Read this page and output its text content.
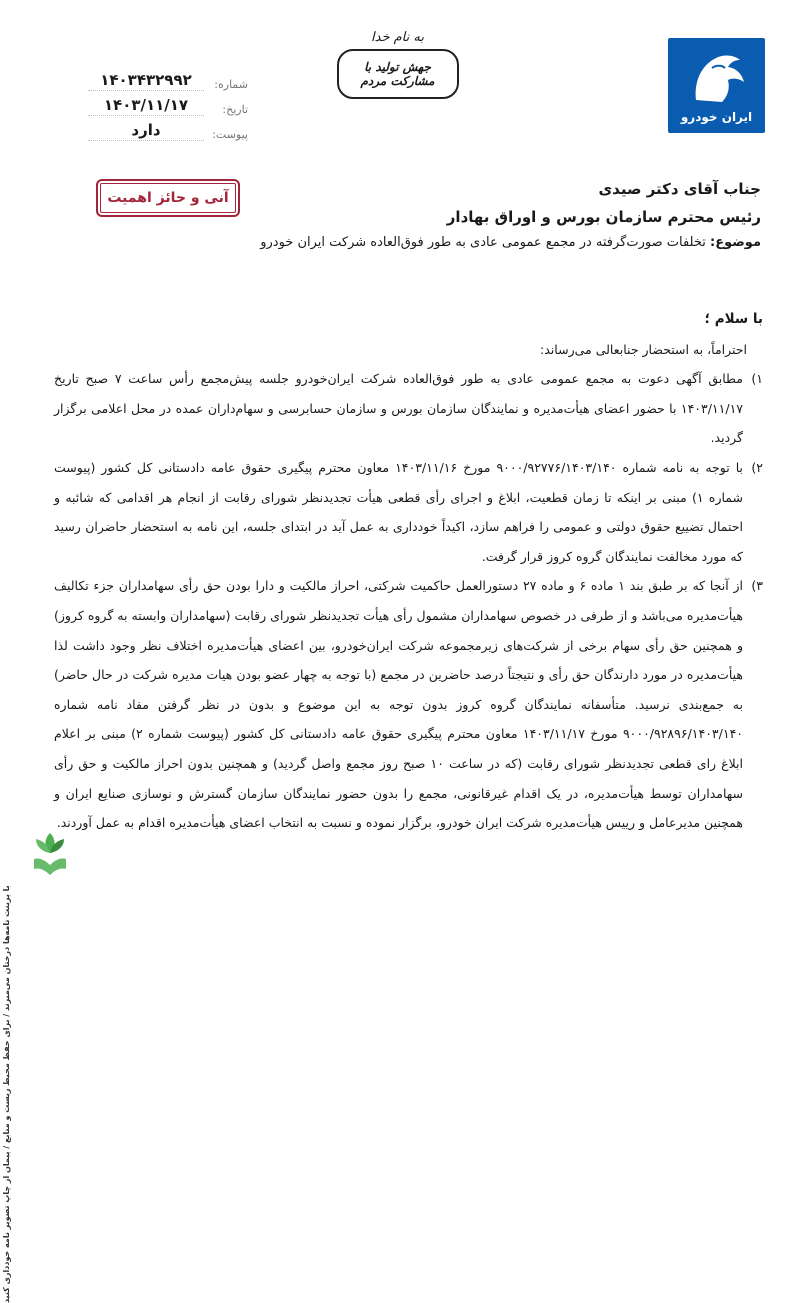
ایران خودرو
به نام خدا
جهش تولید با مشارکت مردم
شماره:
۱۴۰۳۴۳۲۹۹۲
تاریخ:
۱۴۰۳/۱۱/۱۷
پیوست:
دارد
آنی و حائز اهمیت	جناب آقای دکتر صیدی

رئیس محترم سازمان بورس و اوراق بهادار

موضوع: تخلفات صورت‌گرفته در مجمع عمومی عادی به طور فوق‌العاده شرکت ایران خودرو

با سلام ؛

احتراماً، به استحضار جنابعالی می‌رساند:

۱)

مطابق آگهی دعوت به مجمع عمومی عادی به طور فوق‌العاده شرکت ایران‌خودرو جلسه پیش‌مجمع رأس ساعت ۷ صبح تاریخ ۱۴۰۳/۱۱/۱۷ با حضور اعضای هیأت‌مدیره و نمایندگان سازمان بورس و سازمان حسابرسی و سهام‌داران عمده در محل اعلامی برگزار گردید.

۲)

با توجه به نامه شماره ۹۰۰۰/۹۲۷۷۶/۱۴۰۳/۱۴۰ مورخ ۱۴۰۳/۱۱/۱۶ معاون محترم پیگیری حقوق عامه دادستانی کل کشور (پیوست شماره ۱) مبنی بر اینکه تا زمان قطعیت، ابلاغ و اجرای رأی قطعی هیأت تجدیدنظر شورای رقابت از انجام هر اقدامی که شائبه و احتمال تضییع حقوق دولتی و عمومی را فراهم سازد، اکیداً خودداری به عمل آید در ابتدای جلسه، این نامه به استحضار حاضران رسید که مورد مخالفت نمایندگان گروه کروز قرار گرفت.

۳)

از آنجا که بر طبق بند ۱ ماده ۶ و ماده ۲۷ دستورالعمل حاکمیت شرکتی، احراز مالکیت و دارا بودن حق رأی سهامداران جزء تکالیف هیأت‌مدیره می‌باشد و از طرفی در خصوص سهامداران مشمول رأی هیأت تجدیدنظر شورای رقابت (سهامداران وابسته به گروه کروز) و همچنین حق رأی سهام برخی از شرکت‌های زیرمجموعه شرکت ایران‌خودرو، بین اعضای هیأت‌مدیره اختلاف نظر وجود داشت لذا هیأت‌مدیره در مورد دارندگان حق رأی و نتیجتاً درصد حاضرین در مجمع (با توجه به چهار عضو بودن هیات مدیره شرکت در حال حاضر) به جمع‌بندی نرسید. متأسفانه نمایندگان گروه کروز بدون توجه به این موضوع و بدون در نظر گرفتن مفاد نامه شماره ۹۰۰۰/۹۲۸۹۶/۱۴۰۳/۱۴۰ مورخ ۱۴۰۳/۱۱/۱۷ معاون محترم پیگیری حقوق عامه دادستانی کل کشور (پیوست شماره ۲) مبنی بر اعلام ابلاغ رای قطعی تجدیدنظر شورای رقابت (که در ساعت ۱۰ صبح روز مجمع واصل گردید) و همچنین بدون احراز مالکیت و حق رأی سهامداران توسط هیأت‌مدیره، در یک اقدام غیرقانونی، مجمع را بدون حضور نمایندگان سازمان گسترش و نوسازی صنایع ایران و همچنین مدیرعامل و رییس هیأت‌مدیره شرکت ایران خودرو، برگزار نموده و نسبت به انتخاب اعضای هیأت‌مدیره اقدام به عمل آوردند.

با پرینت نامه‌ها درختان می‌میرند / برای حفظ محیط زیست و منابع / پیمان از چاپ تصویر نامه خودداری کنید
